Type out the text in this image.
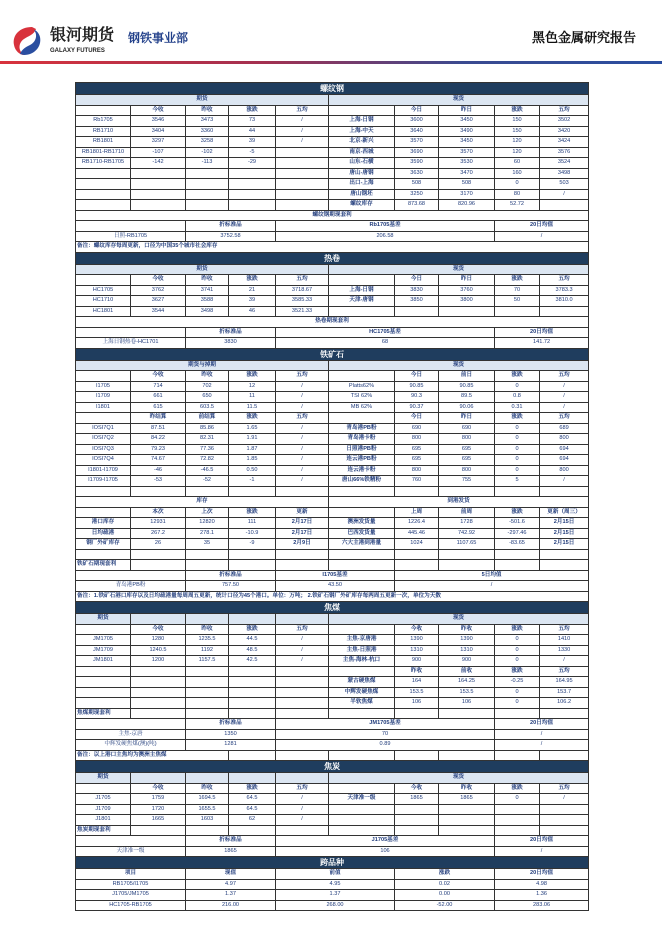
银河期货
GALAXY FUTURES
钢铁事业部	黑色金属研究报告
螺纹钢									
期货					现货				
	今收	昨收	涨跌	五均		今日	昨日	涨跌	五均
Rb1705	3546	3473	73	/	上海-日钢	3600	3450	150	3502
RB1710	3404	3360	44	/	上海-中天	3640	3490	150	3420
RB1801	3297	3258	39	/	北京-新兴	3570	3450	120	3424
RB1801-RB1710	-107	-102	-5		南京-西城	3690	3570	120	3576
RB1710-RB1705	-142	-113	-29		山东-石横	3590	3530	60	3524
					唐山-唐钢	3630	3470	160	3498
					出口-上海	508	508	0	503
					唐山钢坯	3250	3170	80	/
					螺纹库存	873.68	820.96	52.72	
螺纹钢期现套利									
		折标准品		Rb1705基差				20日均值	
日照-RB1705		3752.58		206.58				/	
备注：螺纹库存每周更新，口径为中国35个城市社会库存									
热卷									
期货					现货				
	今收	昨收	涨跌	五均		今日	昨日	涨跌	五均
HC1705	3762	3741	21	3718.67	上海-日钢	3830	3760	70	3783.3
HC1710	3627	3588	39	3585.33	天津-唐钢	3850	3800	50	3810.0
HC1801	3544	3498	46	3521.33					
热卷期现套利									
		折标准品		HC1705基差				20日均值	
上海日钢热卷-HC1701		3830		68				141.72	
铁矿石									
期货与掉期					现货				
	今收	昨收	涨跌	五均		今日	前日	涨跌	五均
I1705	714	702	12	/	Platts62%	90.85	90.85	0	/
I1709	661	650	11	/	TSI 62%	90.3	89.5	0.8	/
I1801	615	603.5	11.5	/	MB 62%	90.37	90.06	0.31	/
	昨结算	前结算	涨跌	五均		今日	昨日	涨跌	五均
IOSI7Q1	87.51	85.86	1.65	/	青岛港PB粉	690	690	0	689
IOSI7Q2	84.22	82.31	1.91	/	青岛港卡粉	800	800	0	800
IOSI7Q3	79.23	77.36	1.87	/	日照港PB粉	695	695	0	694
IOSI7Q4	74.67	72.82	1.85	/	连云港PB粉	695	695	0	694
I1801-I1709	-46	-46.5	0.50	/	连云港卡粉	800	800	0	800
I1709-I1705	-53	-52	-1	/	唐山66%铁精粉	760	755	5	/

库存					到港发货				
	本次	上次	涨跌	更新		上周	前周	涨跌	更新（周三）
港口库存	12931	12820	111	2月17日	澳洲发货量	1226.4	1728	-501.6	2月15日
日均疏港	267.2	278.1	-10.9	2月17日	巴西发货量	445.46	742.92	-297.46	2月15日
钢厂外矿库存	26	35	-9	2月9日	六大主港到港量	1024	1107.65	-83.65	2月15日

铁矿石期现套利									
		折标准品		I1705基差		5日均值			
青岛港PB粉		757.50		43.50		/			
备注：1.铁矿石港口库存以及日均疏港量每周周五更新，统计口径为45个港口。单位：万吨； 2.铁矿石钢厂外矿库存每两周五更新一次，单位为天数									
焦煤									
期货					现货				
	今收	昨收	涨跌	五均		今收	昨收	涨跌	五均
JM1705	1280	1235.5	44.5	/	主焦-京唐港	1390	1390	0	1410
JM1709	1240.5	1192	48.5	/	主焦-日照港	1310	1310	0	1330
JM1801	1200	1157.5	42.5	/	主焦-海林-杭口	900	900	0	/
						昨收	前收	涨跌	五均
					蒙古硬焦煤	164	164.25	-0.25	164.95
					中辉发硬焦煤	153.5	153.5	0	153.7
					半软焦煤	106	106	0	106.2
焦煤期现套利									
		折标准品		JM1705基差				20日均值	
主焦-京唐		1350		70				/	
中辉发硬焦煤(澳)(吨)		1281		0.89				/	
备注：以上港口主焦均为澳洲主焦煤									
焦炭									
期货					现货				
	今收	昨收	涨跌	五均		今收	昨收	涨跌	五均
J1705	1759	1694.5	64.5	/	天津准一级	1865	1865	0	/
J1709	1720	1655.5	64.5	/					
J1801	1665	1603	62	/					
焦炭期现套利									
		折标准品		J1705基差				20日均值	
天津准一级		1865		106				/	
跨品种									
项目		现值		前值		涨跌		20日均值	
RB1705/I1705		4.97		4.95		0.02		4.98	
J1705/JM1705		1.37		1.37		0.00		1.36	
HC1705-RB1705		216.00		268.00		-52.00		283.06	
